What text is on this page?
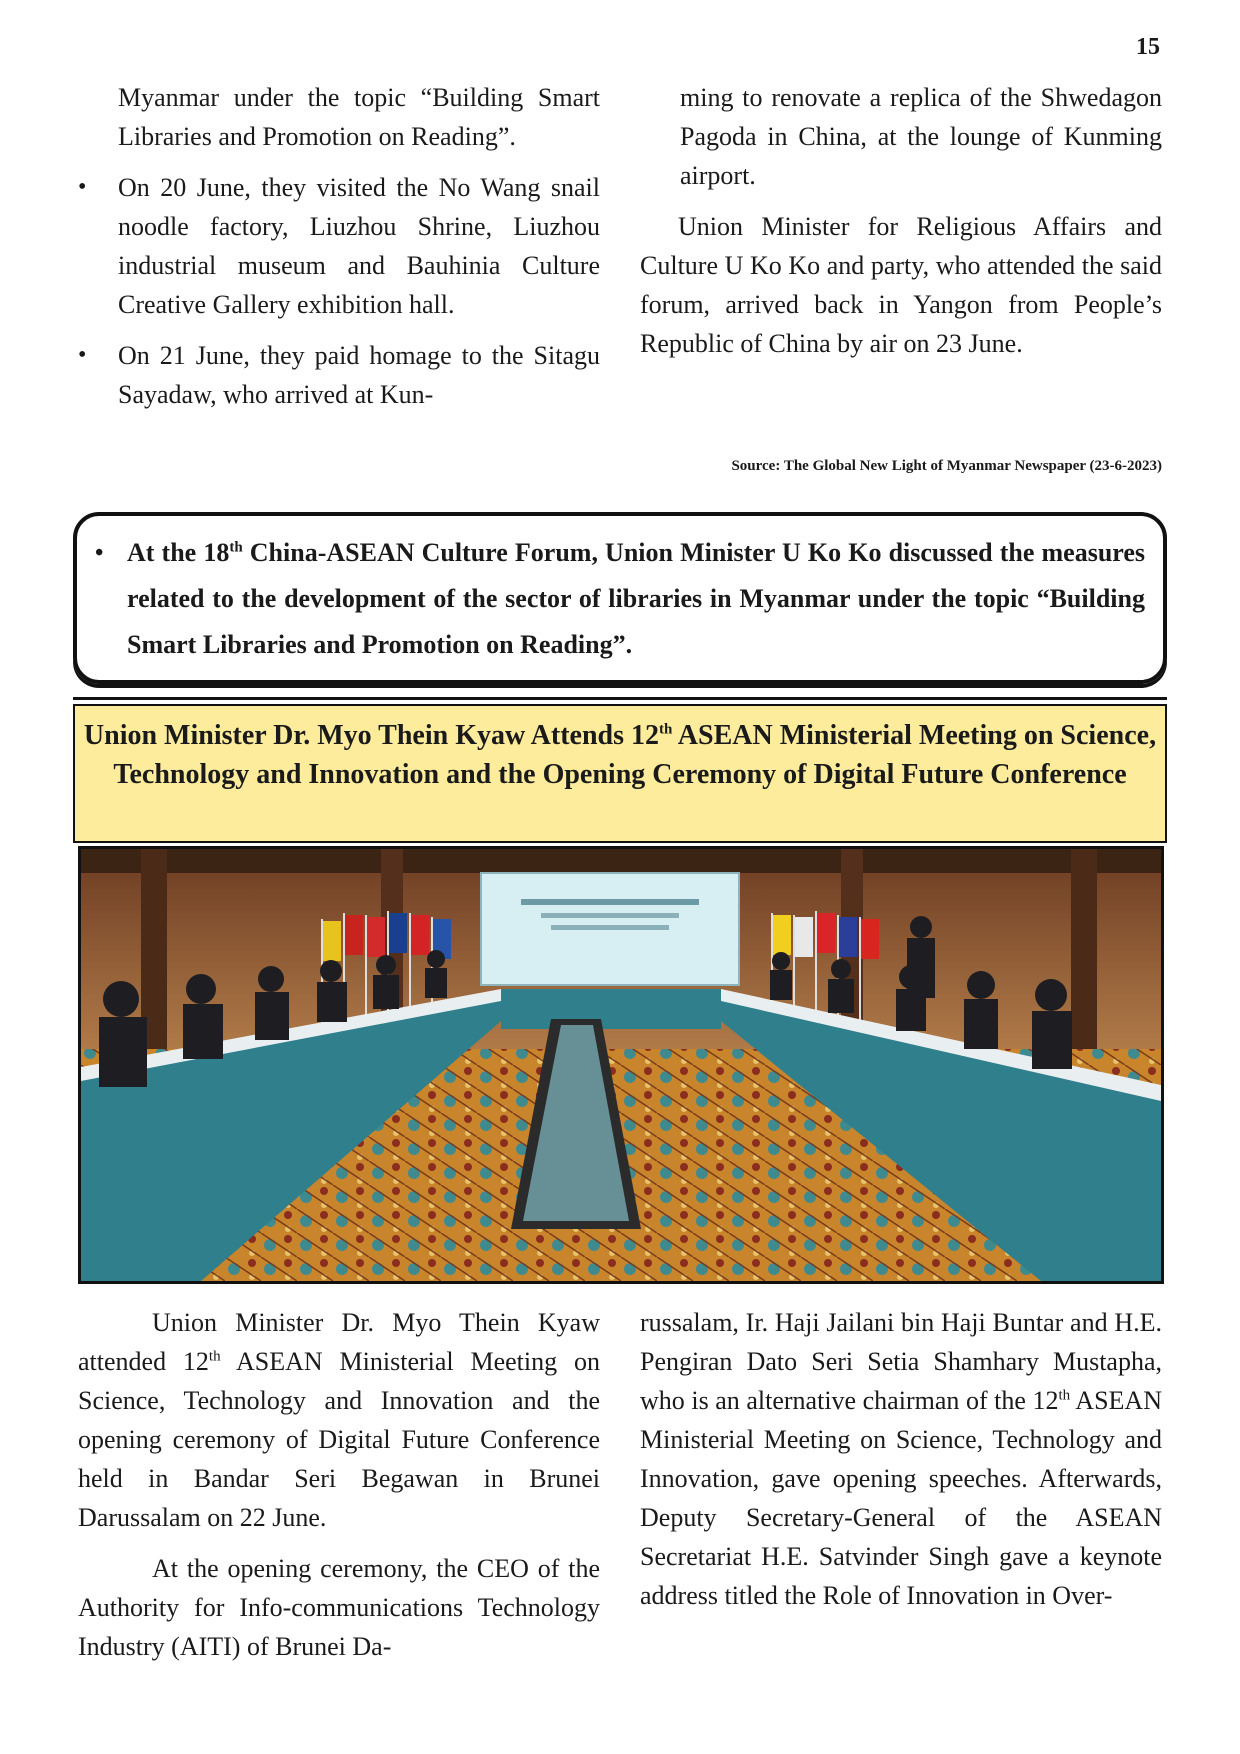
15

Myanmar under the topic “Building Smart Libraries and Promotion on Reading”.

• On 20 June, they visited the No Wang snail noodle factory, Liuzhou Shrine, Liuzhou industrial museum and Bauhinia Culture Creative Gallery exhibition hall.
• On 21 June, they paid homage to the Sitagu Sayadaw, who arrived at Kun-

ming to renovate a replica of the Shwedagon Pagoda in China, at the lounge of Kunming airport.

Union Minister for Religious Affairs and Culture U Ko Ko and party, who attended the said forum, arrived back in Yangon from People’s Republic of China by air on 23 June.

Source: The Global New Light of Myanmar Newspaper (23-6-2023)
• At the 18th China-ASEAN Culture Forum, Union Minister U Ko Ko discussed the measures related to the development of the sector of libraries in Myanmar under the topic “Building Smart Libraries and Promotion on Reading”.
Union Minister Dr. Myo Thein Kyaw Attends 12th ASEAN Ministerial Meeting on Science, Technology and Innovation and the Opening Ceremony of Digital Future Conference

Union Minister Dr. Myo Thein Kyaw attended 12th ASEAN Ministerial Meeting on Science, Technology and Innovation and the opening ceremony of Digital Future Conference held in Bandar Seri Begawan in Brunei Darussalam on 22 June.

At the opening ceremony, the CEO of the Authority for Info-communications Technology Industry (AITI) of Brunei Da-

russalam, Ir. Haji Jailani bin Haji Buntar and H.E. Pengiran Dato Seri Setia Shamhary Mustapha, who is an alternative chairman of the 12th ASEAN Ministerial Meeting on Science, Technology and Innovation, gave opening speeches. Afterwards, Deputy Secretary-General of the ASEAN Secretariat H.E. Satvinder Singh gave a keynote address titled the Role of Innovation in Over-
